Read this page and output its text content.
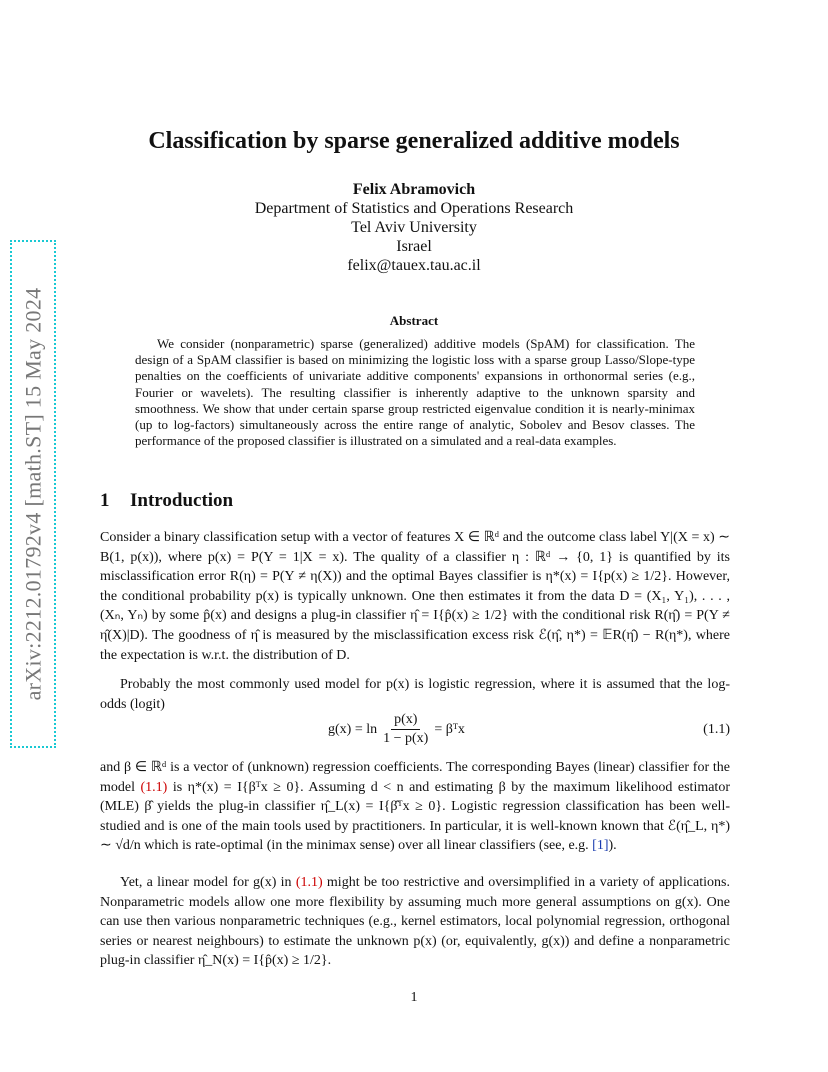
arXiv:2212.01792v4 [math.ST] 15 May 2024
Classification by sparse generalized additive models
Felix Abramovich
Department of Statistics and Operations Research
Tel Aviv University
Israel
felix@tauex.tau.ac.il
Abstract

We consider (nonparametric) sparse (generalized) additive models (SpAM) for classification. The design of a SpAM classifier is based on minimizing the logistic loss with a sparse group Lasso/Slope-type penalties on the coefficients of univariate additive components' expansions in orthonormal series (e.g., Fourier or wavelets). The resulting classifier is inherently adaptive to the unknown sparsity and smoothness. We show that under certain sparse group restricted eigenvalue condition it is nearly-minimax (up to log-factors) simultaneously across the entire range of analytic, Sobolev and Besov classes. The performance of the proposed classifier is illustrated on a simulated and a real-data examples.

1 Introduction

Consider a binary classification setup with a vector of features X ∈ ℝᵈ and the outcome class label Y|(X = x) ∼ B(1, p(x)), where p(x) = P(Y = 1|X = x). The quality of a classifier η : ℝᵈ → {0, 1} is quantified by its misclassification error R(η) = P(Y ≠ η(X)) and the optimal Bayes classifier is η*(x) = I{p(x) ≥ 1/2}. However, the conditional probability p(x) is typically unknown. One then estimates it from the data D = (X₁, Y₁), . . . , (Xₙ, Yₙ) by some p̂(x) and designs a plug-in classifier η̂ = I{p̂(x) ≥ 1/2} with the conditional risk R(η̂) = P(Y ≠ η̂(X)|D). The goodness of η̂ is measured by the misclassification excess risk ℰ(η̂, η*) = 𝔼R(η̂) − R(η*), where the expectation is w.r.t. the distribution of D.

Probably the most commonly used model for p(x) is logistic regression, where it is assumed that the log-odds (logit)

$g(x) = \ln \frac{p(x)}{1 - p(x)}$ = βᵀx	(1.1)

and β ∈ ℝᵈ is a vector of (unknown) regression coefficients. The corresponding Bayes (linear) classifier for the model (1.1) is η*(x) = I{βᵀx ≥ 0}. Assuming d < n and estimating β by the maximum likelihood estimator (MLE) β̂ yields the plug-in classifier η̂_L(x) = I{β̂ᵀx ≥ 0}. Logistic regression classification has been well-studied and is one of the main tools used by practitioners. In particular, it is well-known known that ℰ(η̂_L, η*) ∼ √d/n which is rate-optimal (in the minimax sense) over all linear classifiers (see, e.g. [1]).

Yet, a linear model for g(x) in (1.1) might be too restrictive and oversimplified in a variety of applications. Nonparametric models allow one more flexibility by assuming much more general assumptions on g(x). One can use then various nonparametric techniques (e.g., kernel estimators, local polynomial regression, orthogonal series or nearest neighbours) to estimate the unknown p(x) (or, equivalently, g(x)) and define a nonparametric plug-in classifier η̂_N(x) = I{p̂(x) ≥ 1/2}.

1
